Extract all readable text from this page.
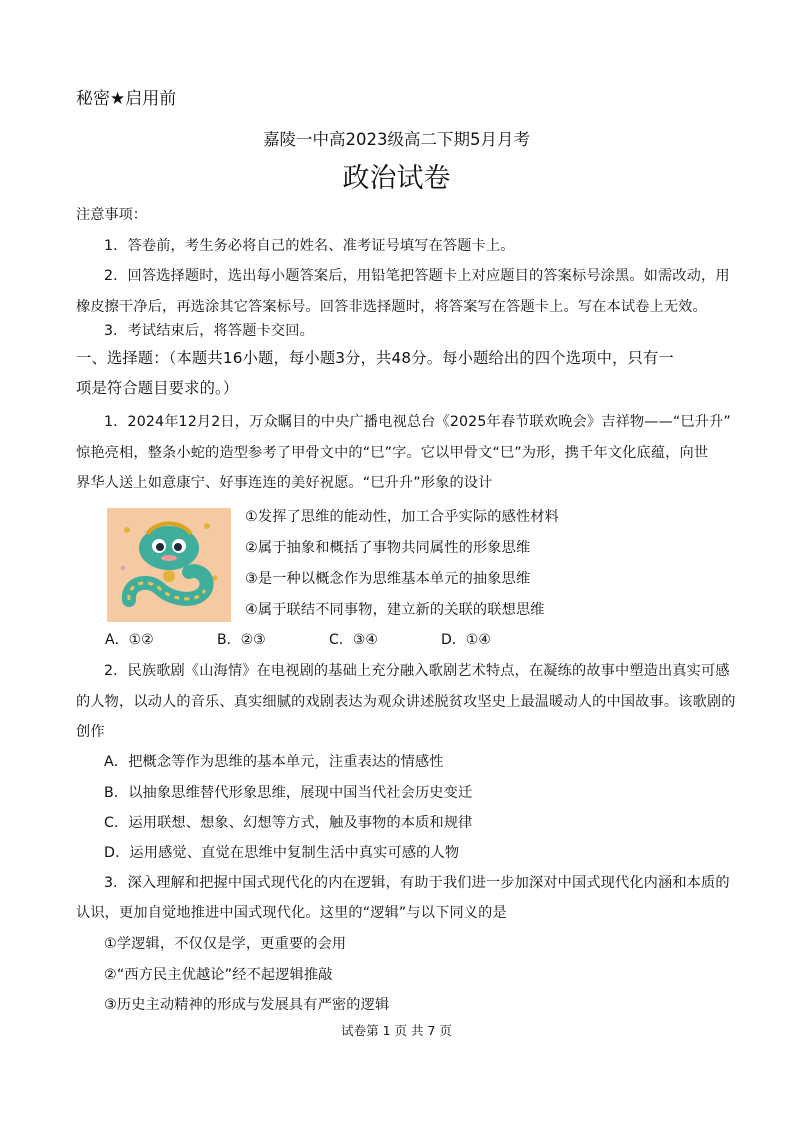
秘密★启用前
嘉陵一中高2023级高二下期5月月考
政治试卷
注意事项：
1．答卷前，考生务必将自己的姓名、准考证号填写在答题卡上。
2．回答选择题时，选出每小题答案后，用铅笔把答题卡上对应题目的答案标号涂黑。如需改动，用
橡皮擦干净后，再选涂其它答案标号。回答非选择题时，将答案写在答题卡上。写在本试卷上无效。
3．考试结束后，将答题卡交回。
一、选择题：（本题共16小题，每小题3分，共48分。每小题给出的四个选项中，只有一
项是符合题目要求的。）
1．2024年12月2日，万众瞩目的中央广播电视总台《2025年春节联欢晚会》吉祥物——“巳升升”
惊艳亮相，整条小蛇的造型参考了甲骨文中的“巳”字。它以甲骨文“巳”为形，携千年文化底蕴，向世
界华人送上如意康宁、好事连连的美好祝愿。“巳升升”形象的设计
①发挥了思维的能动性，加工合乎实际的感性材料
②属于抽象和概括了事物共同属性的形象思维
③是一种以概念作为思维基本单元的抽象思维
④属于联结不同事物，建立新的关联的联想思维
A．①②	B．②③	C．③④	D．①④
2．民族歌剧《山海情》在电视剧的基础上充分融入歌剧艺术特点，在凝练的故事中塑造出真实可感
的人物，以动人的音乐、真实细腻的戏剧表达为观众讲述脱贫攻坚史上最温暖动人的中国故事。该歌剧的
创作
A．把概念等作为思维的基本单元，注重表达的情感性
B．以抽象思维替代形象思维，展现中国当代社会历史变迁
C．运用联想、想象、幻想等方式，触及事物的本质和规律
D．运用感觉、直觉在思维中复制生活中真实可感的人物
3．深入理解和把握中国式现代化的内在逻辑，有助于我们进一步加深对中国式现代化内涵和本质的
认识，更加自觉地推进中国式现代化。这里的“逻辑”与以下同义的是
①学逻辑，不仅仅是学，更重要的会用
②“西方民主优越论”经不起逻辑推敲
③历史主动精神的形成与发展具有严密的逻辑
试卷第 1 页 共 7 页
